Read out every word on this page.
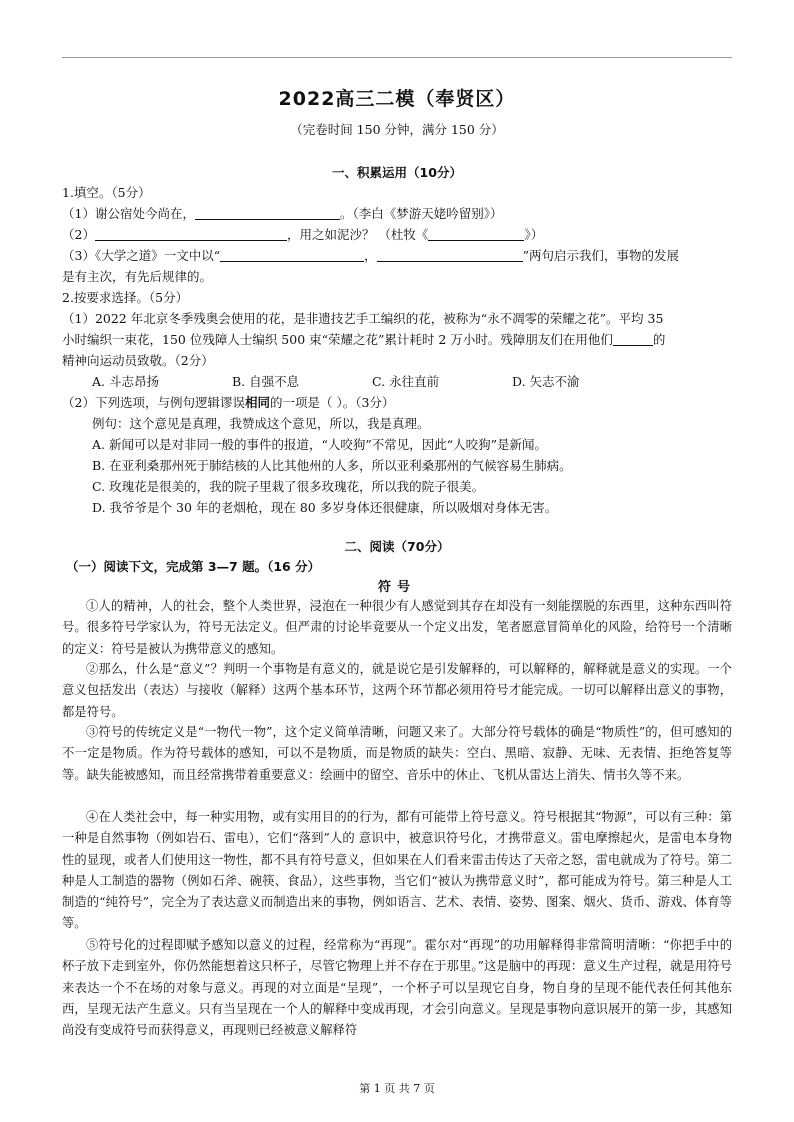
2022高三二模（奉贤区）
（完卷时间 150 分钟，满分 150 分）
一、积累运用（10分）
1.填空。（5分）
（1）谢公宿处今尚在，	。（李白《梦游天姥吟留别》）
（2）	，用之如泥沙？ （杜牧《	》）
（3）《大学之道》一文中以“	，	”两句启示我们，事物的发展
是有主次，有先后规律的。
2.按要求选择。（5分）
（1）2022 年北京冬季残奥会使用的花，是非遗技艺手工编织的花，被称为“永不凋零的荣耀之花”。平均 35
小时编织一束花，150 位残障人士编织 500 束“荣耀之花”累计耗时 2 万小时。残障朋友们在用他们	的
精神向运动员致敬。（2分）
A. 斗志昂扬	B. 自强不息	C. 永往直前	D. 矢志不渝
（2）下列选项，与例句逻辑谬误相同的一项是（ ）。（3分）
例句：这个意见是真理，我赞成这个意见，所以，我是真理。
A. 新闻可以是对非同一般的事件的报道，“人咬狗”不常见，因此“人咬狗”是新闻。
B. 在亚利桑那州死于肺结核的人比其他州的人多，所以亚利桑那州的气候容易生肺病。
C. 玫瑰花是很美的，我的院子里栽了很多玫瑰花，所以我的院子很美。
D. 我爷爷是个 30 年的老烟枪，现在 80 多岁身体还很健康，所以吸烟对身体无害。
二、阅读（70分）
（一）阅读下文，完成第 3—7 题。（16 分）
符号
①人的精神，人的社会，整个人类世界，浸泡在一种很少有人感觉到其存在却没有一刻能摆脱的东西里，这种东西叫符号。很多符号学家认为，符号无法定义。但严肃的讨论毕竟要从一个定义出发，笔者愿意冒简单化的风险，给符号一个清晰的定义：符号是被认为携带意义的感知。
②那么，什么是“意义”？判明一个事物是有意义的，就是说它是引发解释的，可以解释的，解释就是意义的实现。一个意义包括发出（表达）与接收（解释）这两个基本环节，这两个环节都必须用符号才能完成。一切可以解释出意义的事物，都是符号。
③符号的传统定义是“一物代一物”，这个定义简单清晰，问题又来了。大部分符号载体的确是“物质性”的，但可感知的不一定是物质。作为符号载体的感知，可以不是物质，而是物质的缺失：空白、黑暗、寂静、无味、无表情、拒绝答复等等。缺失能被感知，而且经常携带着重要意义：绘画中的留空、音乐中的休止、飞机从雷达上消失、情书久等不来。
④在人类社会中，每一种实用物，或有实用目的的行为，都有可能带上符号意义。符号根据其“物源”，可以有三种：第一种是自然事物（例如岩石、雷电），它们“落到”人的 意识中，被意识符号化，才携带意义。雷电摩擦起火，是雷电本身物性的显现，或者人们使用这一物性，都不具有符号意义，但如果在人们看来雷击传达了天帝之怒，雷电就成为了符号。第二种是人工制造的器物（例如石斧、碗筷、食品），这些事物，当它们“被认为携带意义时”，都可能成为符号。第三种是人工制造的“纯符号”，完全为了表达意义而制造出来的事物，例如语言、艺术、表情、姿势、图案、烟火、货币、游戏、体育等等。
⑤符号化的过程即赋予感知以意义的过程，经常称为“再现”。霍尔对“再现”的功用解释得非常简明清晰：“你把手中的杯子放下走到室外，你仍然能想着这只杯子，尽管它物理上并不存在于那里。”这是脑中的再现：意义生产过程，就是用符号来表达一个不在场的对象与意义。再现的对立面是“呈现”，一个杯子可以呈现它自身，物自身的呈现不能代表任何其他东西，呈现无法产生意义。只有当呈现在一个人的解释中变成再现，才会引向意义。呈现是事物向意识展开的第一步，其感知尚没有变成符号而获得意义，再现则已经被意义解释符
第 1 页 共 7 页
